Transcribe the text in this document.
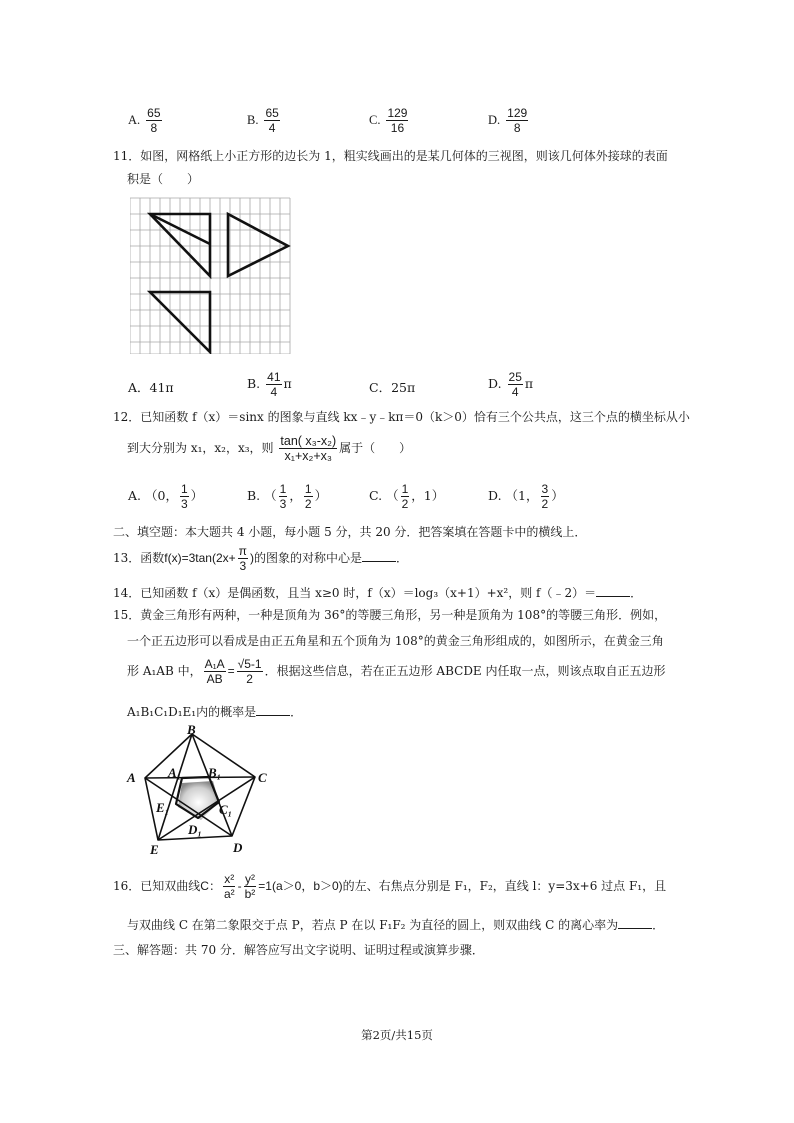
A. $\frac{65}{8}$	B. $\frac{65}{4}$	C. $\frac{129}{16}$	D. $\frac{129}{8}$
11．如图，网格纸上小正方形的边长为 1，粗实线画出的是某几何体的三视图，则该几何体外接球的表面
积是（　　）
A．41π	B. $\frac{41}{4}$ π	C．25π	D. $\frac{25}{4}$ π
12．已知函数 f（x）＝sinx 的图象与直线 kx﹣y﹣kπ＝0（k＞0）恰有三个公共点，这三个点的横坐标从小
到大分别为 x₁，x₂，x₃，则 $\frac{\text{tan( x₃-x₂)}}{\text{x₁+x₂+x₃}}$ 属于（　　）
A. （0， $\frac{1}{3}$ ）	B. （ $\frac{1}{3}$ ， $\frac{1}{2}$ ）	C. （ $\frac{1}{2}$ ，1）	D. （1， $\frac{3}{2}$ ）
二、填空题：本大题共 4 小题，每小题 5 分，共 20 分．把答案填在答题卡中的横线上．
13．函数$f(x)=3\tan(2x+ \frac{\pi}{3}$ )的图象的对称中心是	．
14．已知函数 f（x）是偶函数，且当 x≥0 时，f（x）＝log₃（x+1）+x²，则 f（﹣2）＝	．
15．黄金三角形有两种，一种是顶角为 36°的等腰三角形，另一种是顶角为 108°的等腰三角形．例如，
一个正五边形可以看成是由正五角星和五个顶角为 108°的黄金三角形组成的，如图所示，在黄金三角
形 A₁AB 中， $\frac{\text{A₁A}}{AB} = \frac{√5-1}{2}$ ．根据这些信息，若在正五边形 ABCDE 内任取一点，则该点取自正五边形
A₁B₁C₁D₁E₁内的概率是	．
B
A	C
D
E
A₁ B₁
C₁
D₁
E₁
16．已知双曲线C： $\frac{\text{x²}}{\text{a²}} - \frac{\text{y²}}{\text{b²}} =1(a>0$，b＞0)的左、右焦点分别是 F₁，F₂，直线 l：y=3x+6 过点 F₁，且
与双曲线 C 在第二象限交于点 P，若点 P 在以 F₁F₂ 为直径的圆上，则双曲线 C 的离心率为	．
三、解答题：共 70 分．解答应写出文字说明、证明过程或演算步骤．
第2页/共15页
